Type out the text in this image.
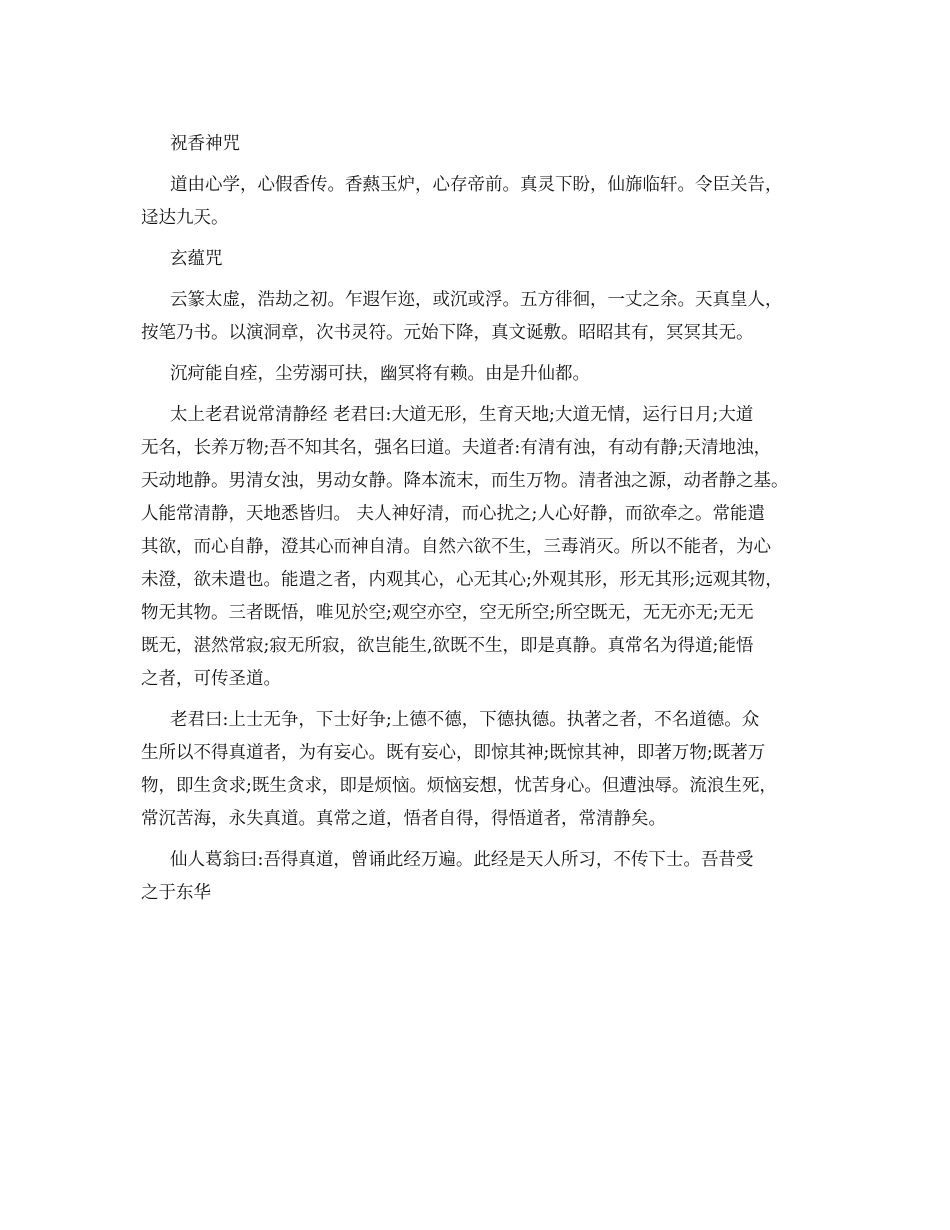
祝香神咒

道由心学，心假香传。香爇玉炉，心存帝前。真灵下盼，仙旆临轩。令臣关告，
迳达九天。

玄蕴咒

云篆太虚，浩劫之初。乍遐乍迩，或沉或浮。五方徘徊，一丈之余。天真皇人，
按笔乃书。以演洞章，次书灵符。元始下降，真文诞敷。昭昭其有，冥冥其无。

沉疴能自痊，尘劳溺可扶，幽冥将有赖。由是升仙都。

太上老君说常清静经 老君曰:大道无形，生育天地;大道无情，运行日月;大道
无名，长养万物;吾不知其名，强名曰道。夫道者:有清有浊，有动有静;天清地浊，
天动地静。男清女浊，男动女静。降本流末，而生万物。清者浊之源，动者静之基。
人能常清静，天地悉皆归。 夫人神好清，而心扰之;人心好静，而欲牵之。常能遣
其欲，而心自静，澄其心而神自清。自然六欲不生，三毒消灭。所以不能者，为心
未澄，欲未遣也。能遣之者，内观其心，心无其心;外观其形，形无其形;远观其物，
物无其物。三者既悟，唯见於空;观空亦空，空无所空;所空既无，无无亦无;无无
既无，湛然常寂;寂无所寂，欲岂能生,欲既不生，即是真静。真常名为得道;能悟
之者，可传圣道。

老君曰:上士无争，下士好争;上德不德，下德执德。执著之者，不名道德。众
生所以不得真道者，为有妄心。既有妄心，即惊其神;既惊其神，即著万物;既著万
物，即生贪求;既生贪求，即是烦恼。烦恼妄想，忧苦身心。但遭浊辱。流浪生死，
常沉苦海，永失真道。真常之道，悟者自得，得悟道者，常清静矣。

仙人葛翁曰:吾得真道，曾诵此经万遍。此经是天人所习，不传下士。吾昔受
之于东华
